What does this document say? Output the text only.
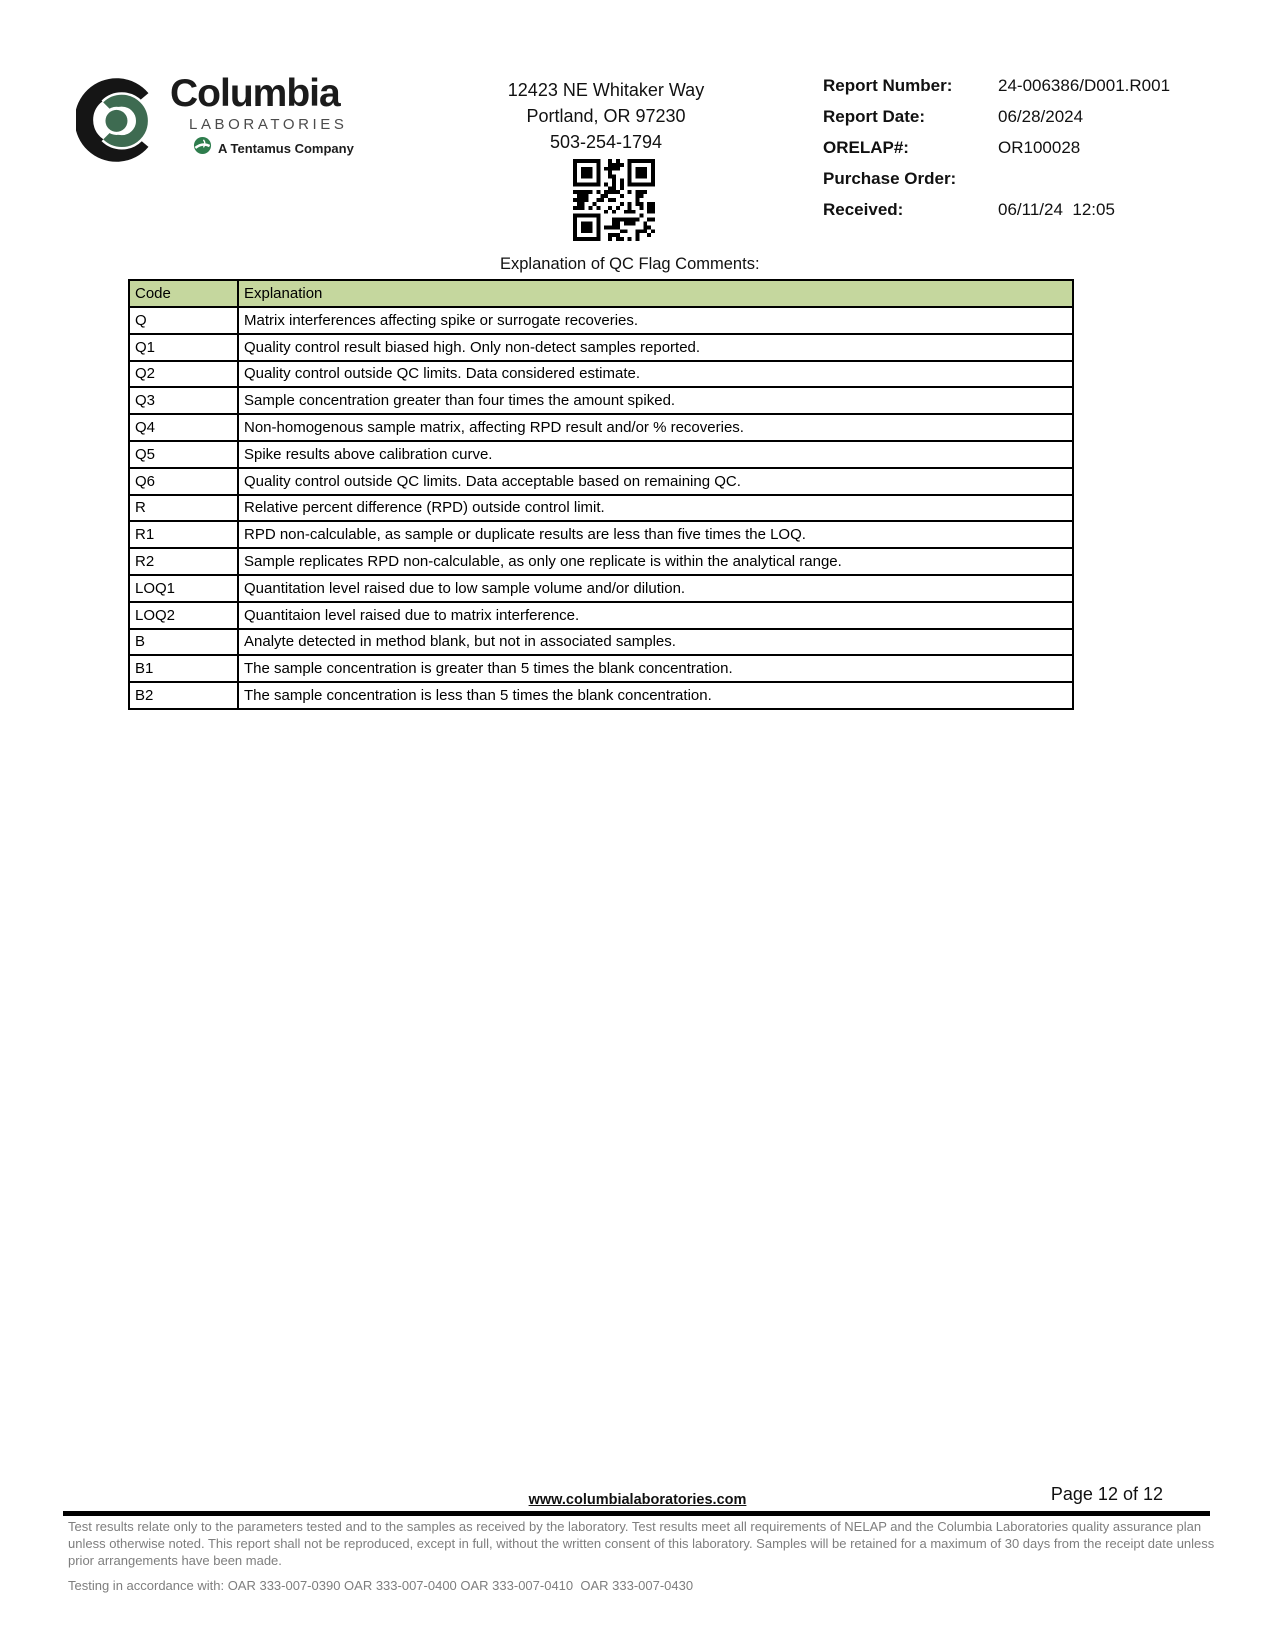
Columbia
LABORATORIES
A Tentamus Company
12423 NE Whitaker Way
Portland, OR 97230
503-254-1794
Report Number:	24-006386/D001.R001
Report Date:	06/28/2024
ORELAP#:	OR100028
Purchase Order:
Received:	06/11/24  12:05
Explanation of QC Flag Comments:
Code	Explanation
Q	Matrix interferences affecting spike or surrogate recoveries.
Q1	Quality control result biased high. Only non-detect samples reported.
Q2	Quality control outside QC limits. Data considered estimate.
Q3	Sample concentration greater than four times the amount spiked.
Q4	Non-homogenous sample matrix, affecting RPD result and/or % recoveries.
Q5	Spike results above calibration curve.
Q6	Quality control outside QC limits. Data acceptable based on remaining QC.
R	Relative percent difference (RPD) outside control limit.
R1	RPD non-calculable, as sample or duplicate results are less than five times the LOQ.
R2	Sample replicates RPD non-calculable, as only one replicate is within the analytical range.
LOQ1	Quantitation level raised due to low sample volume and/or dilution.
LOQ2	Quantitaion level raised due to matrix interference.
B	Analyte detected in method blank, but not in associated samples.
B1	The sample concentration is greater than 5 times the blank concentration.
B2	The sample concentration is less than 5 times the blank concentration.
Page 12 of 12
www.columbialaboratories.com
Test results relate only to the parameters tested and to the samples as received by the laboratory. Test results meet all requirements of NELAP and the Columbia Laboratories quality assurance plan
unless otherwise noted. This report shall not be reproduced, except in full, without the written consent of this laboratory. Samples will be retained for a maximum of 30 days from the receipt date unless
prior arrangements have been made.
Testing in accordance with: OAR 333-007-0390 OAR 333-007-0400 OAR 333-007-0410  OAR 333-007-0430
